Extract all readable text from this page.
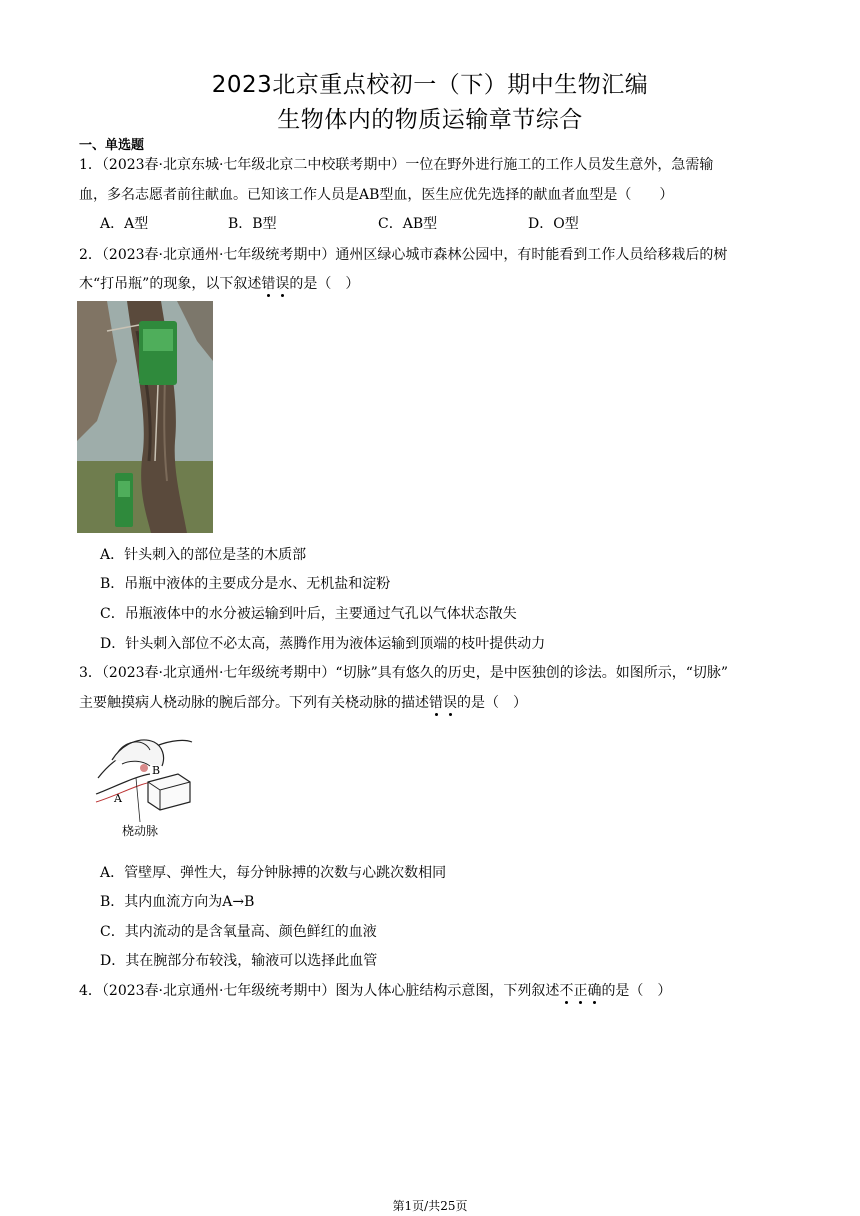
2023北京重点校初一（下）期中生物汇编
生物体内的物质运输章节综合
一、单选题
1．（2023春·北京东城·七年级北京二中校联考期中）一位在野外进行施工的工作人员发生意外，急需输
血，多名志愿者前往献血。已知该工作人员是AB型血，医生应优先选择的献血者血型是（　　）
A．A型	B．B型	C．AB型	D．O型
2．（2023春·北京通州·七年级统考期中）通州区绿心城市森林公园中，有时能看到工作人员给移栽后的树
木“打吊瓶”的现象，以下叙述错误的是（　）
A．针头刺入的部位是茎的木质部
B．吊瓶中液体的主要成分是水、无机盐和淀粉
C．吊瓶液体中的水分被运输到叶后，主要通过气孔以气体状态散失
D．针头刺入部位不必太高，蒸腾作用为液体运输到顶端的枝叶提供动力
3．（2023春·北京通州·七年级统考期中）“切脉”具有悠久的历史，是中医独创的诊法。如图所示，“切脉”
主要触摸病人桡动脉的腕后部分。下列有关桡动脉的描述错误的是（　）
A
B
桡动脉
A．管壁厚、弹性大，每分钟脉搏的次数与心跳次数相同
B．其内血流方向为A→B
C．其内流动的是含氧量高、颜色鲜红的血液
D．其在腕部分布较浅，输液可以选择此血管
4．（2023春·北京通州·七年级统考期中）图为人体心脏结构示意图，下列叙述不正确的是（　）
第1页/共25页
